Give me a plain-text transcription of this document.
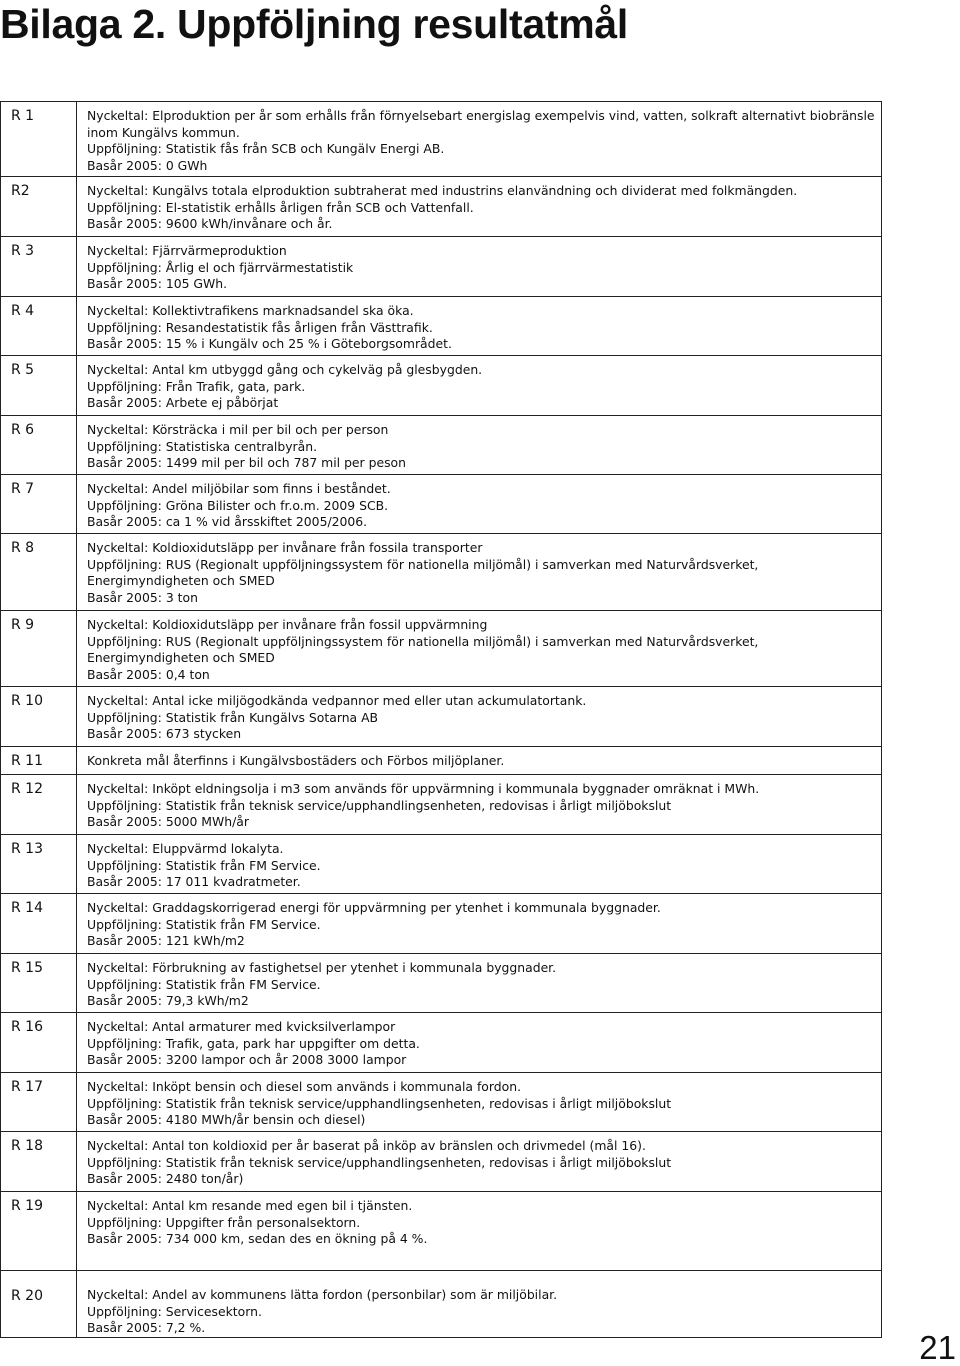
Bilaga 2. Uppföljning resultatmål
R 1	Nyckeltal: Elproduktion per år som erhålls från förnyelsebart energislag exempelvis vind, vatten, solkraft alternativt biobränsle
inom Kungälvs kommun.
Uppföljning: Statistik fås från SCB och Kungälv Energi AB.
Basår 2005: 0 GWh

R2	Nyckeltal: Kungälvs totala elproduktion subtraherat med industrins elanvändning och dividerat med folkmängden.
Uppföljning: El-statistik erhålls årligen från SCB och Vattenfall.
Basår 2005: 9600 kWh/invånare och år.

R 3	Nyckeltal: Fjärrvärmeproduktion
Uppföljning: Årlig el och fjärrvärmestatistik
Basår 2005: 105 GWh.

R 4	Nyckeltal: Kollektivtrafikens marknadsandel ska öka.
Uppföljning: Resandestatistik fås årligen från Västtrafik.
Basår 2005: 15 % i Kungälv och 25 % i Göteborgsområdet.

R 5	Nyckeltal: Antal km utbyggd gång och cykelväg på glesbygden.
Uppföljning: Från Trafik, gata, park.
Basår 2005: Arbete ej påbörjat

R 6	Nyckeltal: Körsträcka i mil per bil och per person
Uppföljning: Statistiska centralbyrån.
Basår 2005: 1499 mil per bil och 787 mil per peson

R 7	Nyckeltal: Andel miljöbilar som finns i beståndet.
Uppföljning: Gröna Bilister och fr.o.m. 2009 SCB.
Basår 2005: ca 1 % vid årsskiftet 2005/2006.

R 8	Nyckeltal: Koldioxidutsläpp per invånare från fossila transporter
Uppföljning: RUS (Regionalt uppföljningssystem för nationella miljömål) i samverkan med Naturvårdsverket,
Energimyndigheten och SMED
Basår 2005: 3 ton

R 9	Nyckeltal: Koldioxidutsläpp per invånare från fossil uppvärmning
Uppföljning: RUS (Regionalt uppföljningssystem för nationella miljömål) i samverkan med Naturvårdsverket,
Energimyndigheten och SMED
Basår 2005: 0,4 ton

R 10	Nyckeltal: Antal icke miljögodkända vedpannor med eller utan ackumulatortank.
Uppföljning: Statistik från Kungälvs Sotarna AB
Basår 2005: 673 stycken

R 11	Konkreta mål återfinns i Kungälvsbostäders och Förbos miljöplaner.

R 12	Nyckeltal: Inköpt eldningsolja i m3 som används för uppvärmning i kommunala byggnader omräknat i MWh.
Uppföljning: Statistik från teknisk service/upphandlingsenheten, redovisas i årligt miljöbokslut
Basår 2005: 5000 MWh/år

R 13	Nyckeltal: Eluppvärmd lokalyta.
Uppföljning: Statistik från FM Service.
Basår 2005: 17 011 kvadratmeter.

R 14	Nyckeltal: Graddagskorrigerad energi för uppvärmning per ytenhet i kommunala byggnader.
Uppföljning: Statistik från FM Service.
Basår 2005: 121 kWh/m2

R 15	Nyckeltal: Förbrukning av fastighetsel per ytenhet i kommunala byggnader.
Uppföljning: Statistik från FM Service.
Basår 2005: 79,3 kWh/m2

R 16	Nyckeltal: Antal armaturer med kvicksilverlampor
Uppföljning: Trafik, gata, park har uppgifter om detta.
Basår 2005: 3200 lampor och år 2008 3000 lampor

R 17	Nyckeltal: Inköpt bensin och diesel som används i kommunala fordon.
Uppföljning: Statistik från teknisk service/upphandlingsenheten, redovisas i årligt miljöbokslut
Basår 2005: 4180 MWh/år bensin och diesel)

R 18	Nyckeltal: Antal ton koldioxid per år baserat på inköp av bränslen och drivmedel (mål 16).
Uppföljning: Statistik från teknisk service/upphandlingsenheten, redovisas i årligt miljöbokslut
Basår 2005: 2480 ton/år)

R 19	Nyckeltal: Antal km resande med egen bil i tjänsten.
Uppföljning: Uppgifter från personalsektorn.
Basår 2005: 734 000 km, sedan des en ökning på 4 %.

R 20	Nyckeltal: Andel av kommunens lätta fordon (personbilar) som är miljöbilar.
Uppföljning: Servicesektorn.
Basår 2005: 7,2 %.
21
